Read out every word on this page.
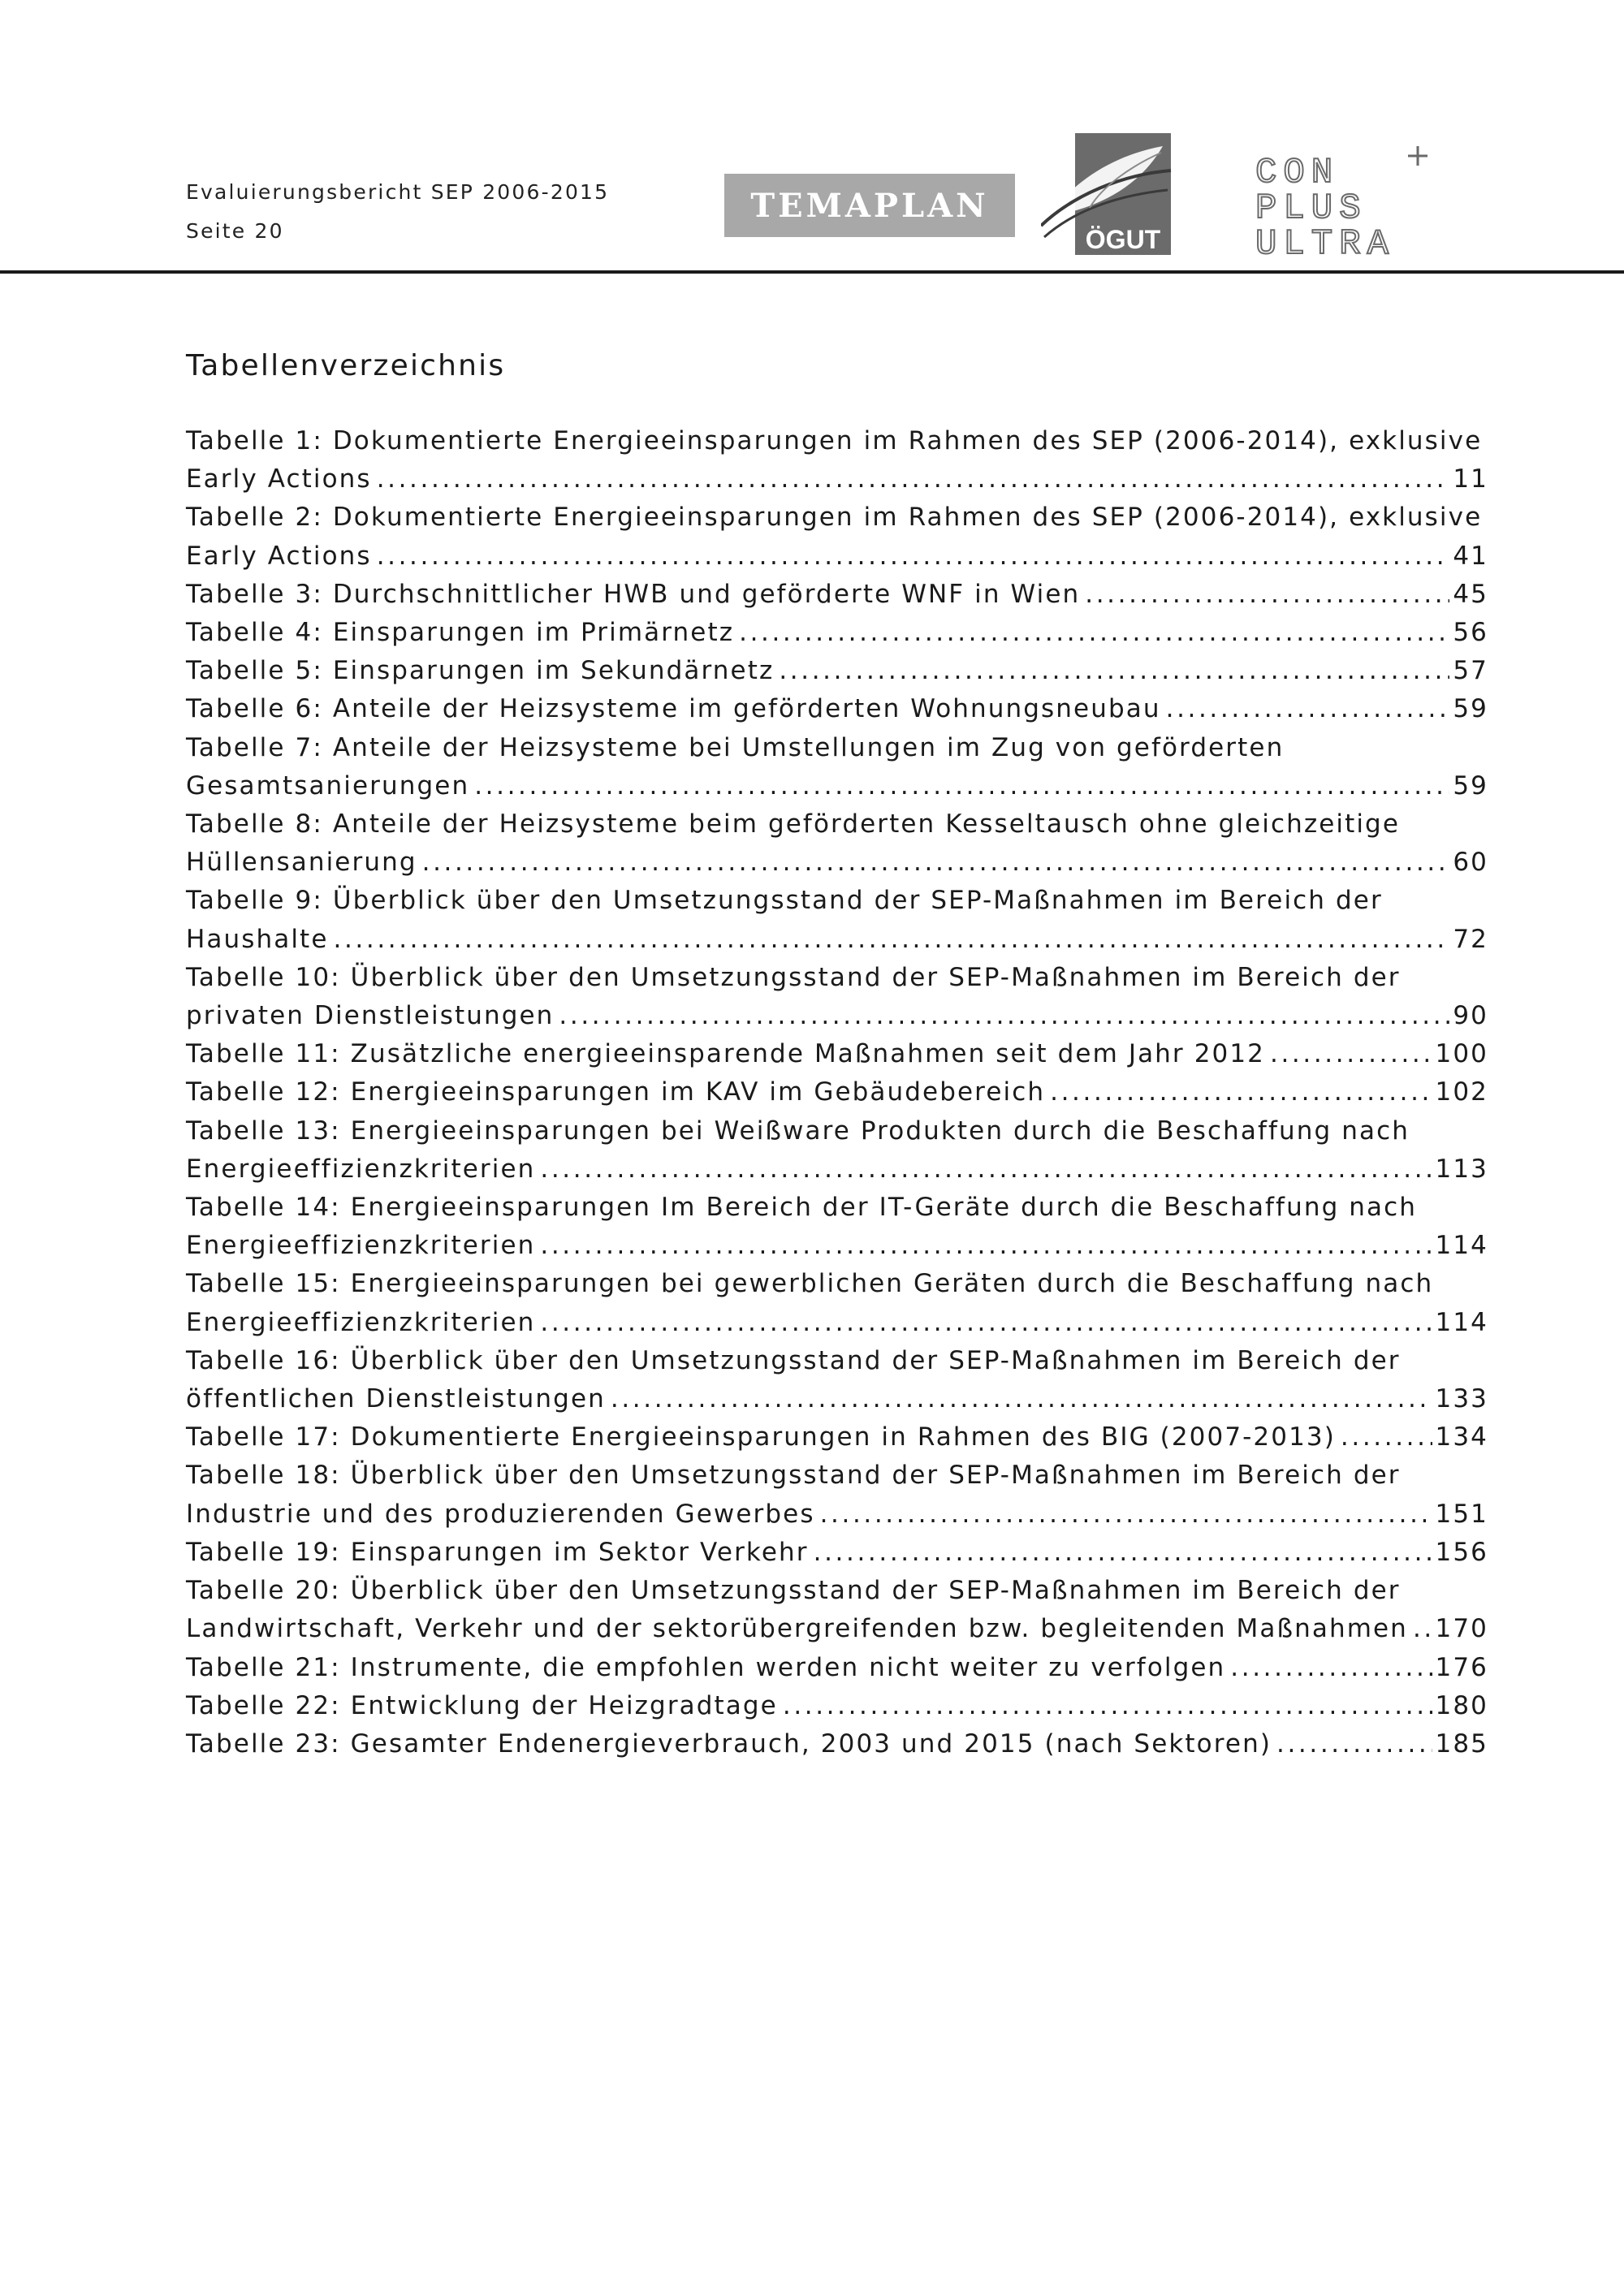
Evaluierungsbericht SEP 2006-2015
Seite 20
TEMAPLAN
ÖGUT
CON
PLUS
ULTRA
+
Tabellenverzeichnis
Tabelle 1: Dokumentierte Energieeinsparungen im Rahmen des SEP (2006-2014), exklusive
Early Actions .....	11
Tabelle 2: Dokumentierte Energieeinsparungen im Rahmen des SEP (2006-2014), exklusive
Early Actions .....	41
Tabelle 3: Durchschnittlicher HWB und geförderte WNF in Wien .....	45
Tabelle 4: Einsparungen im Primärnetz .....	56
Tabelle 5: Einsparungen im Sekundärnetz .....	57
Tabelle 6: Anteile der Heizsysteme im geförderten Wohnungsneubau .....	59
Tabelle 7: Anteile der Heizsysteme bei Umstellungen im Zug von geförderten
Gesamtsanierungen .....	59
Tabelle 8: Anteile der Heizsysteme beim geförderten Kesseltausch ohne gleichzeitige
Hüllensanierung .....	60
Tabelle 9: Überblick über den Umsetzungsstand der SEP-Maßnahmen im Bereich der
Haushalte .....	72
Tabelle 10: Überblick über den Umsetzungsstand der SEP-Maßnahmen im Bereich der
privaten Dienstleistungen .....	90
Tabelle 11: Zusätzliche energieeinsparende Maßnahmen seit dem Jahr 2012 .....	100
Tabelle 12: Energieeinsparungen im KAV im Gebäudebereich .....	102
Tabelle 13: Energieeinsparungen bei Weißware Produkten durch die Beschaffung nach
Energieeffizienzkriterien .....	113
Tabelle 14: Energieeinsparungen Im Bereich der IT-Geräte durch die Beschaffung nach
Energieeffizienzkriterien .....	114
Tabelle 15: Energieeinsparungen bei gewerblichen Geräten durch die Beschaffung nach
Energieeffizienzkriterien .....	114
Tabelle 16: Überblick über den Umsetzungsstand der SEP-Maßnahmen im Bereich der
öffentlichen Dienstleistungen .....	133
Tabelle 17: Dokumentierte Energieeinsparungen in Rahmen des BIG (2007-2013) .....	134
Tabelle 18: Überblick über den Umsetzungsstand der SEP-Maßnahmen im Bereich der
Industrie und des produzierenden Gewerbes .....	151
Tabelle 19: Einsparungen im Sektor Verkehr .....	156
Tabelle 20: Überblick über den Umsetzungsstand der SEP-Maßnahmen im Bereich der
Landwirtschaft, Verkehr und der sektorübergreifenden bzw. begleitenden Maßnahmen ..... 170
Tabelle 21: Instrumente, die empfohlen werden nicht weiter zu verfolgen .....	176
Tabelle 22: Entwicklung der Heizgradtage .....	180
Tabelle 23: Gesamter Endenergieverbrauch, 2003 und 2015 (nach Sektoren) .....	185
